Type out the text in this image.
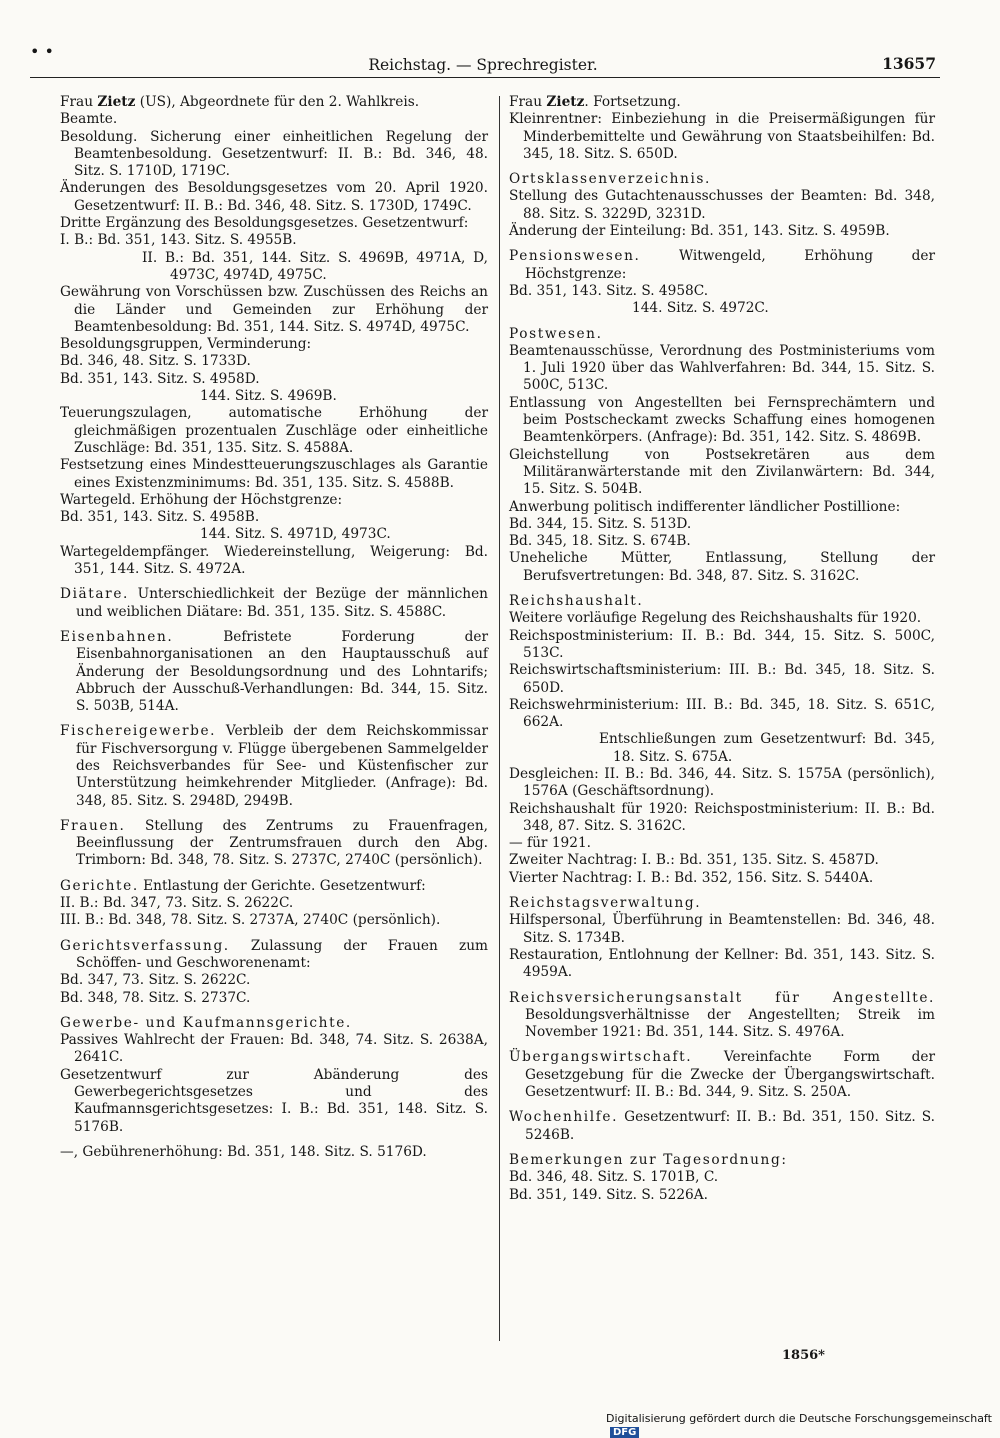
• •
Reichstag. — Sprechregister.	13657

Frau Zietz (US), Abgeordnete für den 2. Wahlkreis.

Beamte.

Besoldung. Sicherung einer einheitlichen Regelung der Beamtenbesoldung. Gesetzentwurf: II. B.: Bd. 346, 48. Sitz. S. 1710D, 1719C.

Änderungen des Besoldungsgesetzes vom 20. April 1920. Gesetzentwurf: II. B.: Bd. 346, 48. Sitz. S. 1730D, 1749C.

Dritte Ergänzung des Besoldungsgesetzes. Gesetzentwurf:

I. B.: Bd. 351, 143. Sitz. S. 4955B.

II. B.: Bd. 351, 144. Sitz. S. 4969B, 4971A, D, 4973C, 4974D, 4975C.

Gewährung von Vorschüssen bzw. Zuschüssen des Reichs an die Länder und Gemeinden zur Erhöhung der Beamtenbesoldung: Bd. 351, 144. Sitz. S. 4974D, 4975C.

Besoldungsgruppen, Verminderung:

Bd. 346, 48. Sitz. S. 1733D.

Bd. 351, 143. Sitz. S. 4958D.

144. Sitz. S. 4969B.

Teuerungszulagen, automatische Erhöhung der gleichmäßigen prozentualen Zuschläge oder einheitliche Zuschläge: Bd. 351, 135. Sitz. S. 4588A.

Festsetzung eines Mindestteuerungszuschlages als Garantie eines Existenzminimums: Bd. 351, 135. Sitz. S. 4588B.

Wartegeld. Erhöhung der Höchstgrenze:

Bd. 351, 143. Sitz. S. 4958B.

144. Sitz. S. 4971D, 4973C.

Wartegeldempfänger. Wiedereinstellung, Weigerung: Bd. 351, 144. Sitz. S. 4972A.

Diätare. Unterschiedlichkeit der Bezüge der männlichen und weiblichen Diätare: Bd. 351, 135. Sitz. S. 4588C.

Eisenbahnen. Befristete Forderung der Eisenbahnorganisationen an den Hauptausschuß auf Änderung der Besoldungsordnung und des Lohntarifs; Abbruch der Ausschuß-Verhandlungen: Bd. 344, 15. Sitz. S. 503B, 514A.

Fischereigewerbe. Verbleib der dem Reichskommissar für Fischversorgung v. Flügge übergebenen Sammelgelder des Reichsverbandes für See- und Küstenfischer zur Unterstützung heimkehrender Mitglieder. (Anfrage): Bd. 348, 85. Sitz. S. 2948D, 2949B.

Frauen. Stellung des Zentrums zu Frauenfragen, Beeinflussung der Zentrumsfrauen durch den Abg. Trimborn: Bd. 348, 78. Sitz. S. 2737C, 2740C (persönlich).

Gerichte. Entlastung der Gerichte. Gesetzentwurf:

II. B.: Bd. 347, 73. Sitz. S. 2622C.

III. B.: Bd. 348, 78. Sitz. S. 2737A, 2740C (persönlich).

Gerichtsverfassung. Zulassung der Frauen zum Schöffen- und Geschworenenamt:

Bd. 347, 73. Sitz. S. 2622C.

Bd. 348, 78. Sitz. S. 2737C.

Gewerbe- und Kaufmannsgerichte.

Passives Wahlrecht der Frauen: Bd. 348, 74. Sitz. S. 2638A, 2641C.

Gesetzentwurf zur Abänderung des Gewerbegerichtsgesetzes und des Kaufmannsgerichtsgesetzes: I. B.: Bd. 351, 148. Sitz. S. 5176B.

—, Gebührenerhöhung: Bd. 351, 148. Sitz. S. 5176D.

Frau Zietz. Fortsetzung.

Kleinrentner: Einbeziehung in die Preisermäßigungen für Minderbemittelte und Gewährung von Staatsbeihilfen: Bd. 345, 18. Sitz. S. 650D.

Ortsklassenverzeichnis.

Stellung des Gutachtenausschusses der Beamten: Bd. 348, 88. Sitz. S. 3229D, 3231D.

Änderung der Einteilung: Bd. 351, 143. Sitz. S. 4959B.

Pensionswesen. Witwengeld, Erhöhung der Höchstgrenze:

Bd. 351, 143. Sitz. S. 4958C.

144. Sitz. S. 4972C.

Postwesen.

Beamtenausschüsse, Verordnung des Postministeriums vom 1. Juli 1920 über das Wahlverfahren: Bd. 344, 15. Sitz. S. 500C, 513C.

Entlassung von Angestellten bei Fernsprechämtern und beim Postscheckamt zwecks Schaffung eines homogenen Beamtenkörpers. (Anfrage): Bd. 351, 142. Sitz. S. 4869B.

Gleichstellung von Postsekretären aus dem Militäranwärterstande mit den Zivilanwärtern: Bd. 344, 15. Sitz. S. 504B.

Anwerbung politisch indifferenter ländlicher Postillione:

Bd. 344, 15. Sitz. S. 513D.

Bd. 345, 18. Sitz. S. 674B.

Uneheliche Mütter, Entlassung, Stellung der Berufsvertretungen: Bd. 348, 87. Sitz. S. 3162C.

Reichshaushalt.

Weitere vorläufige Regelung des Reichshaushalts für 1920.

Reichspostministerium: II. B.: Bd. 344, 15. Sitz. S. 500C, 513C.

Reichswirtschaftsministerium: III. B.: Bd. 345, 18. Sitz. S. 650D.

Reichswehrministerium: III. B.: Bd. 345, 18. Sitz. S. 651C, 662A.

Entschließungen zum Gesetzentwurf: Bd. 345, 18. Sitz. S. 675A.

Desgleichen: II. B.: Bd. 346, 44. Sitz. S. 1575A (persönlich), 1576A (Geschäftsordnung).

Reichshaushalt für 1920: Reichspostministerium: II. B.: Bd. 348, 87. Sitz. S. 3162C.

— für 1921.

Zweiter Nachtrag: I. B.: Bd. 351, 135. Sitz. S. 4587D.

Vierter Nachtrag: I. B.: Bd. 352, 156. Sitz. S. 5440A.

Reichstagsverwaltung.

Hilfspersonal, Überführung in Beamtenstellen: Bd. 346, 48. Sitz. S. 1734B.

Restauration, Entlohnung der Kellner: Bd. 351, 143. Sitz. S. 4959A.

Reichsversicherungsanstalt für Angestellte. Besoldungsverhältnisse der Angestellten; Streik im November 1921: Bd. 351, 144. Sitz. S. 4976A.

Übergangswirtschaft. Vereinfachte Form der Gesetzgebung für die Zwecke der Übergangswirtschaft. Gesetzentwurf: II. B.: Bd. 344, 9. Sitz. S. 250A.

Wochenhilfe. Gesetzentwurf: II. B.: Bd. 351, 150. Sitz. S. 5246B.

Bemerkungen zur Tagesordnung:

Bd. 346, 48. Sitz. S. 1701B, C.

Bd. 351, 149. Sitz. S. 5226A.

1856*
Digitalisierung gefördert durch die Deutsche Forschungsgemeinschaft DFG
